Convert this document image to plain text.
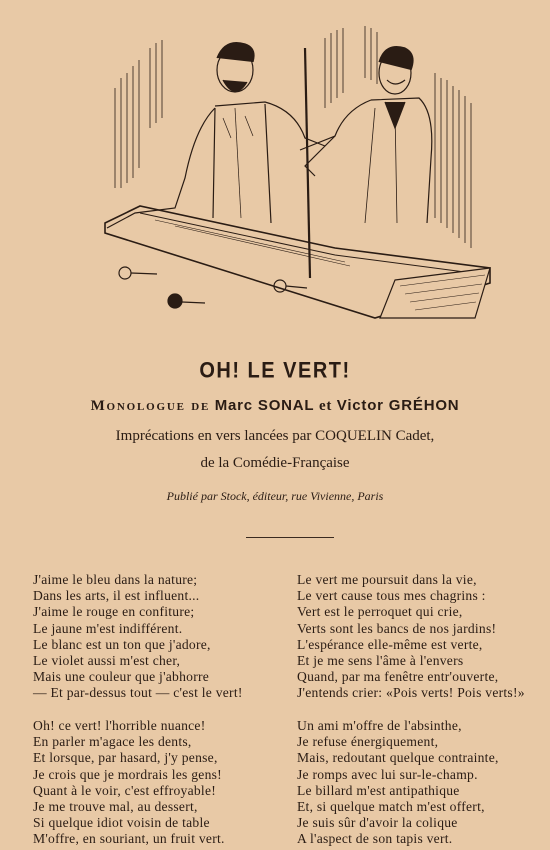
OH! LE VERT!
Monologue de Marc SONAL et Victor GRÉHON
Imprécations en vers lancées par COQUELIN Cadet,
de la Comédie-Française
Publié par Stock, éditeur, rue Vivienne, Paris
J'aime le bleu dans la nature;
Dans les arts, il est influent...
J'aime le rouge en confiture;
Le jaune m'est indifférent.
Le blanc est un ton que j'adore,
Le violet aussi m'est cher,
Mais une couleur que j'abhorre
— Et par-dessus tout — c'est le vert!
Le vert me poursuit dans la vie,
Le vert cause tous mes chagrins :
Vert est le perroquet qui crie,
Verts sont les bancs de nos jardins!
L'espérance elle-même est verte,
Et je me sens l'âme à l'envers
Quand, par ma fenêtre entr'ouverte,
J'entends crier: «Pois verts! Pois verts!»
Oh! ce vert! l'horrible nuance!
En parler m'agace les dents,
Et lorsque, par hasard, j'y pense,
Je crois que je mordrais les gens!
Quant à le voir, c'est effroyable!
Je me trouve mal, au dessert,
Si quelque idiot voisin de table
M'offre, en souriant, un fruit vert.
Un ami m'offre de l'absinthe,
Je refuse énergiquement,
Mais, redoutant quelque contrainte,
Je romps avec lui sur-le-champ.
Le billard m'est antipathique
Et, si quelque match m'est offert,
Je suis sûr d'avoir la colique
A l'aspect de son tapis vert.
